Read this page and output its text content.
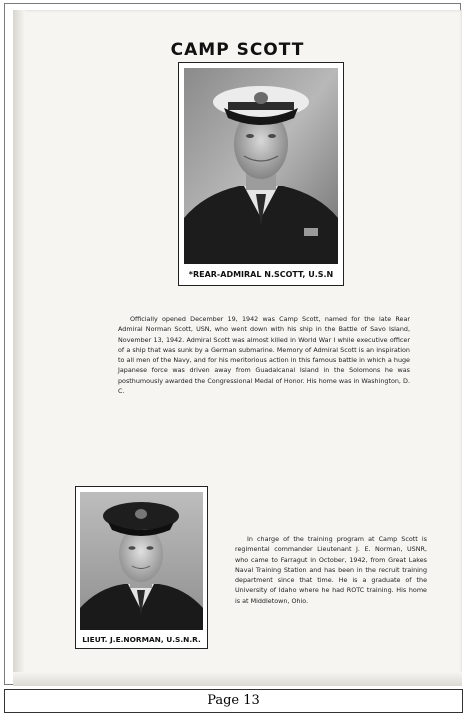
CAMP SCOTT
*REAR-ADMIRAL N.SCOTT, U.S.N
Officially opened December 19, 1942 was Camp Scott, named for the late Rear Admiral Norman Scott, USN, who went down with his ship in the Battle of Savo Island, November 13, 1942. Admiral Scott was almost killed in World War I while executive officer of a ship that was sunk by a German submarine. Memory of Admiral Scott is an inspiration to all men of the Navy, and for his meritorious action in this famous battle in which a huge Japanese force was driven away from Guadalcanal Island in the Solomons he was posthumously awarded the Congressional Medal of Honor. His home was in Washington, D. C.
LIEUT. J.E.NORMAN, U.S.N.R.
In charge of the training program at Camp Scott is regimental commander Lieutenant J. E. Norman, USNR, who came to Farragut in October, 1942, from Great Lakes Naval Training Station and has been in the recruit training department since that time. He is a graduate of the University of Idaho where he had ROTC training. His home is at Middletown, Ohio.
Page 13
